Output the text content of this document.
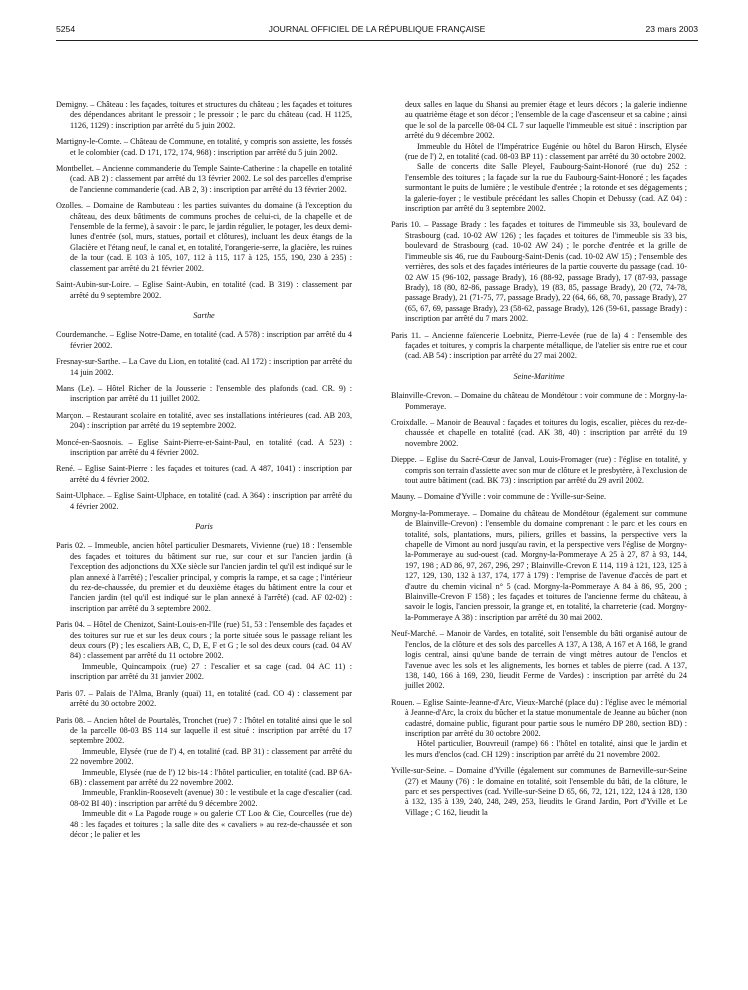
5254	JOURNAL OFFICIEL DE LA RÉPUBLIQUE FRANÇAISE	23 mars 2003
Demigny. – Château : les façades, toitures et structures du château ; les façades et toitures des dépendances abritant le pressoir ; le pressoir ; le parc du château (cad. H 1125, 1126, 1129) : inscription par arrêté du 5 juin 2002.
Martigny-le-Comte. – Château de Commune, en totalité, y compris son assiette, les fossés et le colombier (cad. D 171, 172, 174, 968) : inscription par arrêté du 5 juin 2002.
Montbellet. – Ancienne commanderie du Temple Sainte-Catherine : la chapelle en totalité (cad. AB 2) : classement par arrêté du 13 février 2002. Le sol des parcelles d'emprise de l'ancienne commanderie (cad. AB 2, 3) : inscription par arrêté du 13 février 2002.
Ozolles. – Domaine de Rambuteau : les parties suivantes du domaine (à l'exception du château, des deux bâtiments de communs proches de celui-ci, de la chapelle et de l'ensemble de la ferme), à savoir : le parc, le jardin régulier, le potager, les deux demi-lunes d'entrée (sol, murs, statues, portail et clôtures), incluant les deux étangs de la Glacière et l'étang neuf, le canal et, en totalité, l'orangerie-serre, la glacière, les ruines de la tour (cad. E 103 à 105, 107, 112 à 115, 117 à 125, 155, 190, 230 à 235) : classement par arrêté du 21 février 2002.
Saint-Aubin-sur-Loire. – Eglise Saint-Aubin, en totalité (cad. B 319) : classement par arrêté du 9 septembre 2002.
Sarthe
Courdemanche. – Eglise Notre-Dame, en totalité (cad. A 578) : inscription par arrêté du 4 février 2002.
Fresnay-sur-Sarthe. – La Cave du Lion, en totalité (cad. AI 172) : inscription par arrêté du 14 juin 2002.
Mans (Le). – Hôtel Richer de la Jousserie : l'ensemble des plafonds (cad. CR. 9) : inscription par arrêté du 11 juillet 2002.
Marçon. – Restaurant scolaire en totalité, avec ses installations intérieures (cad. AB 203, 204) : inscription par arrêté du 19 septembre 2002.
Moncé-en-Saosnois. – Eglise Saint-Pierre-et-Saint-Paul, en totalité (cad. A 523) : inscription par arrêté du 4 février 2002.
René. – Eglise Saint-Pierre : les façades et toitures (cad. A 487, 1041) : inscription par arrêté du 4 février 2002.
Saint-Ulphace. – Eglise Saint-Ulphace, en totalité (cad. A 364) : inscription par arrêté du 4 février 2002.
Paris
Paris 02. – Immeuble, ancien hôtel particulier Desmarets, Vivienne (rue) 18 : l'ensemble des façades et toitures du bâtiment sur rue, sur cour et sur l'ancien jardin (à l'exception des adjonctions du XXe siècle sur l'ancien jardin tel qu'il est indiqué sur le plan annexé à l'arrêté) ; l'escalier principal, y compris la rampe, et sa cage ; l'intérieur du rez-de-chaussée, du premier et du deuxième étages du bâtiment entre la cour et l'ancien jardin (tel qu'il est indiqué sur le plan annexé à l'arrêté) (cad. AF 02-02) : inscription par arrêté du 3 septembre 2002.
Paris 04. – Hôtel de Chenizot, Saint-Louis-en-l'Ile (rue) 51, 53 : l'ensemble des façades et des toitures sur rue et sur les deux cours ; la porte située sous le passage reliant les deux cours (P) ; les escaliers AB, C, D, E, F et G ; le sol des deux cours (cad. 04 AV 84) : classement par arrêté du 11 octobre 2002.

Immeuble, Quincampoix (rue) 27 : l'escalier et sa cage (cad. 04 AC 11) : inscription par arrêté du 31 janvier 2002.

Paris 07. – Palais de l'Alma, Branly (quai) 11, en totalité (cad. CO 4) : classement par arrêté du 30 octobre 2002.
Paris 08. – Ancien hôtel de Pourtalès, Tronchet (rue) 7 : l'hôtel en totalité ainsi que le sol de la parcelle 08-03 BS 114 sur laquelle il est situé : inscription par arrêté du 17 septembre 2002.

Immeuble, Elysée (rue de l') 4, en totalité (cad. BP 31) : classement par arrêté du 22 novembre 2002.

Immeuble, Elysée (rue de l') 12 bis-14 : l'hôtel particulier, en totalité (cad. BP 6A-6B) : classement par arrêté du 22 novembre 2002.

Immeuble, Franklin-Roosevelt (avenue) 30 : le vestibule et la cage d'escalier (cad. 08-02 BI 40) : inscription par arrêté du 9 décembre 2002.

Immeuble dit « La Pagode rouge » ou galerie CT Loo & Cie, Courcelles (rue de) 48 : les façades et toitures ; la salle dite des « cavaliers » au rez-de-chaussée et son décor ; le palier et les

deux salles en laque du Shansi au premier étage et leurs décors ; la galerie indienne au quatrième étage et son décor ; l'ensemble de la cage d'ascenseur et sa cabine ; ainsi que le sol de la parcelle 08-04 CL 7 sur laquelle l'immeuble est situé : inscription par arrêté du 9 décembre 2002.

Immeuble du Hôtel de l'Impératrice Eugénie ou hôtel du Baron Hirsch, Elysée (rue de l') 2, en totalité (cad. 08-03 BP 11) : classement par arrêté du 30 octobre 2002.

Salle de concerts dite Salle Pleyel, Faubourg-Saint-Honoré (rue du) 252 : l'ensemble des toitures ; la façade sur la rue du Faubourg-Saint-Honoré ; les façades surmontant le puits de lumière ; le vestibule d'entrée ; la rotonde et ses dégagements ; la galerie-foyer ; le vestibule précédant les salles Chopin et Debussy (cad. AZ 04) : inscription par arrêté du 3 septembre 2002.

Paris 10. – Passage Brady : les façades et toitures de l'immeuble sis 33, boulevard de Strasbourg (cad. 10-02 AW 126) ; les façades et toitures de l'immeuble sis 33 bis, boulevard de Strasbourg (cad. 10-02 AW 24) ; le porche d'entrée et la grille de l'immeuble sis 46, rue du Faubourg-Saint-Denis (cad. 10-02 AW 15) ; l'ensemble des verrières, des sols et des façades intérieures de la partie couverte du passage (cad. 10-02 AW 15 (96-102, passage Brady), 16 (88-92, passage Brady), 17 (87-93, passage Brady), 18 (80, 82-86, passage Brady), 19 (83, 85, passage Brady), 20 (72, 74-78, passage Brady), 21 (71-75, 77, passage Brady), 22 (64, 66, 68, 70, passage Brady), 27 (65, 67, 69, passage Brady), 23 (58-62, passage Brady), 126 (59-61, passage Brady) : inscription par arrêté du 7 mars 2002.
Paris 11. – Ancienne faïencerie Loebnitz, Pierre-Levée (rue de la) 4 : l'ensemble des façades et toitures, y compris la charpente métallique, de l'atelier sis entre rue et cour (cad. AB 54) : inscription par arrêté du 27 mai 2002.
Seine-Maritime
Blainville-Crevon. – Domaine du château de Mondétour : voir commune de : Morgny-la-Pommeraye.
Croixdalle. – Manoir de Beauval : façades et toitures du logis, escalier, pièces du rez-de-chaussée et chapelle en totalité (cad. AK 38, 40) : inscription par arrêté du 19 novembre 2002.
Dieppe. – Eglise du Sacré-Cœur de Janval, Louis-Fromager (rue) : l'église en totalité, y compris son terrain d'assiette avec son mur de clôture et le presbytère, à l'exclusion de tout autre bâtiment (cad. BK 73) : inscription par arrêté du 29 avril 2002.
Mauny. – Domaine d'Yville : voir commune de : Yville-sur-Seine.
Morgny-la-Pommeraye. – Domaine du château de Mondétour (également sur commune de Blainville-Crevon) : l'ensemble du domaine comprenant : le parc et les cours en totalité, sols, plantations, murs, piliers, grilles et bassins, la perspective vers la chapelle de Vimont au nord jusqu'au ravin, et la perspective vers l'église de Morgny-la-Pommeraye au sud-ouest (cad. Morgny-la-Pommeraye A 25 à 27, 87 à 93, 144, 197, 198 ; AD 86, 97, 267, 296, 297 ; Blainville-Crevon E 114, 119 à 121, 123, 125 à 127, 129, 130, 132 à 137, 174, 177 à 179) : l'emprise de l'avenue d'accès de part et d'autre du chemin vicinal n° 5 (cad. Morgny-la-Pommeraye A 84 à 86, 95, 200 ; Blainville-Crevon F 158) ; les façades et toitures de l'ancienne ferme du château, à savoir le logis, l'ancien pressoir, la grange et, en totalité, la charreterie (cad. Morgny-la-Pommeraye A 38) : inscription par arrêté du 30 mai 2002.
Neuf-Marché. – Manoir de Vardes, en totalité, soit l'ensemble du bâti organisé autour de l'enclos, de la clôture et des sols des parcelles A 137, A 138, A 167 et A 168, le grand logis central, ainsi qu'une bande de terrain de vingt mètres autour de l'enclos et l'avenue avec les sols et les alignements, les bornes et tables de pierre (cad. A 137, 138, 140, 166 à 169, 230, lieudit Ferme de Vardes) : inscription par arrêté du 24 juillet 2002.
Rouen. – Eglise Sainte-Jeanne-d'Arc, Vieux-Marché (place du) : l'église avec le mémorial à Jeanne-d'Arc, la croix du bûcher et la statue monumentale de Jeanne au bûcher (non cadastré, domaine public, figurant pour partie sous le numéro DP 280, section BD) : inscription par arrêté du 30 octobre 2002.

Hôtel particulier, Bouvreuil (rampe) 66 : l'hôtel en totalité, ainsi que le jardin et les murs d'enclos (cad. CH 129) : inscription par arrêté du 21 novembre 2002.

Yville-sur-Seine. – Domaine d'Yville (également sur communes de Barneville-sur-Seine (27) et Mauny (76) : le domaine en totalité, soit l'ensemble du bâti, de la clôture, le parc et ses perspectives (cad. Yville-sur-Seine D 65, 66, 72, 121, 122, 124 à 128, 130 à 132, 135 à 139, 240, 248, 249, 253, lieudits le Grand Jardin, Port d'Yville et Le Village ; C 162, lieudit la
